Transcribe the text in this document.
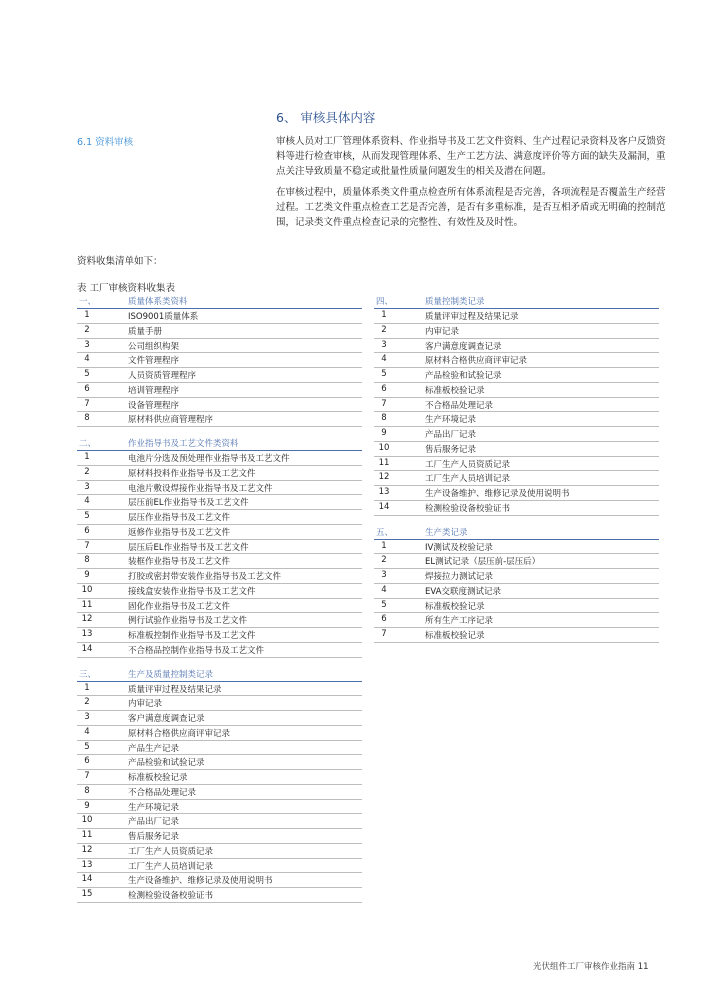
6、 审核具体内容
6.1 资料审核	审核人员对工厂管理体系资料、作业指导书及工艺文件资料、生产过程记录资料及客户反馈资料等进行检查审核，从而发现管理体系、生产工艺方法、满意度评价等方面的缺失及漏洞，重点关注导致质量不稳定或批量性质量问题发生的相关及潜在问题。

在审核过程中，质量体系类文件重点检查所有体系流程是否完善，各项流程是否覆盖生产经营过程。工艺类文件重点检查工艺是否完善，是否有多重标准，是否互相矛盾或无明确的控制范围，记录类文件重点检查记录的完整性、有效性及及时性。

资料收集清单如下：
表 工厂审核资料收集表
一、	质量体系类资料
1	ISO9001质量体系
2	质量手册
3	公司组织构架
4	文件管理程序
5	人员资质管理程序
6	培训管理程序
7	设备管理程序
8	原材料供应商管理程序
二、	作业指导书及工艺文件类资料
1	电池片分选及预处理作业指导书及工艺文件
2	原材料投料作业指导书及工艺文件
3	电池片敷设焊接作业指导书及工艺文件
4	层压前EL作业指导书及工艺文件
5	层压作业指导书及工艺文件
6	返修作业指导书及工艺文件
7	层压后EL作业指导书及工艺文件
8	装框作业指导书及工艺文件
9	打胶或密封带安装作业指导书及工艺文件
10	接线盒安装作业指导书及工艺文件
11	固化作业指导书及工艺文件
12	例行试验作业指导书及工艺文件
13	标准板控制作业指导书及工艺文件
14	不合格品控制作业指导书及工艺文件
三、	生产及质量控制类记录
1	质量评审过程及结果记录
2	内审记录
3	客户满意度调查记录
4	原材料合格供应商评审记录
5	产品生产记录
6	产品检验和试验记录
7	标准板校验记录
8	不合格品处理记录
9	生产环境记录
10	产品出厂记录
11	售后服务记录
12	工厂生产人员资质记录
13	工厂生产人员培训记录
14	生产设备维护、维修记录及使用说明书
15	检测检验设备校验证书
四、	质量控制类记录
1	质量评审过程及结果记录
2	内审记录
3	客户满意度调查记录
4	原材料合格供应商评审记录
5	产品检验和试验记录
6	标准板校验记录
7	不合格品处理记录
8	生产环境记录
9	产品出厂记录
10	售后服务记录
11	工厂生产人员资质记录
12	工厂生产人员培训记录
13	生产设备维护、维修记录及使用说明书
14	检测检验设备校验证书
五、	生产类记录
1	IV测试及校验记录
2	EL测试记录（层压前-层压后）
3	焊接拉力测试记录
4	EVA交联度测试记录
5	标准板校验记录
6	所有生产工序记录
7	标准板校验记录
光伏组件工厂审核作业指南 11
